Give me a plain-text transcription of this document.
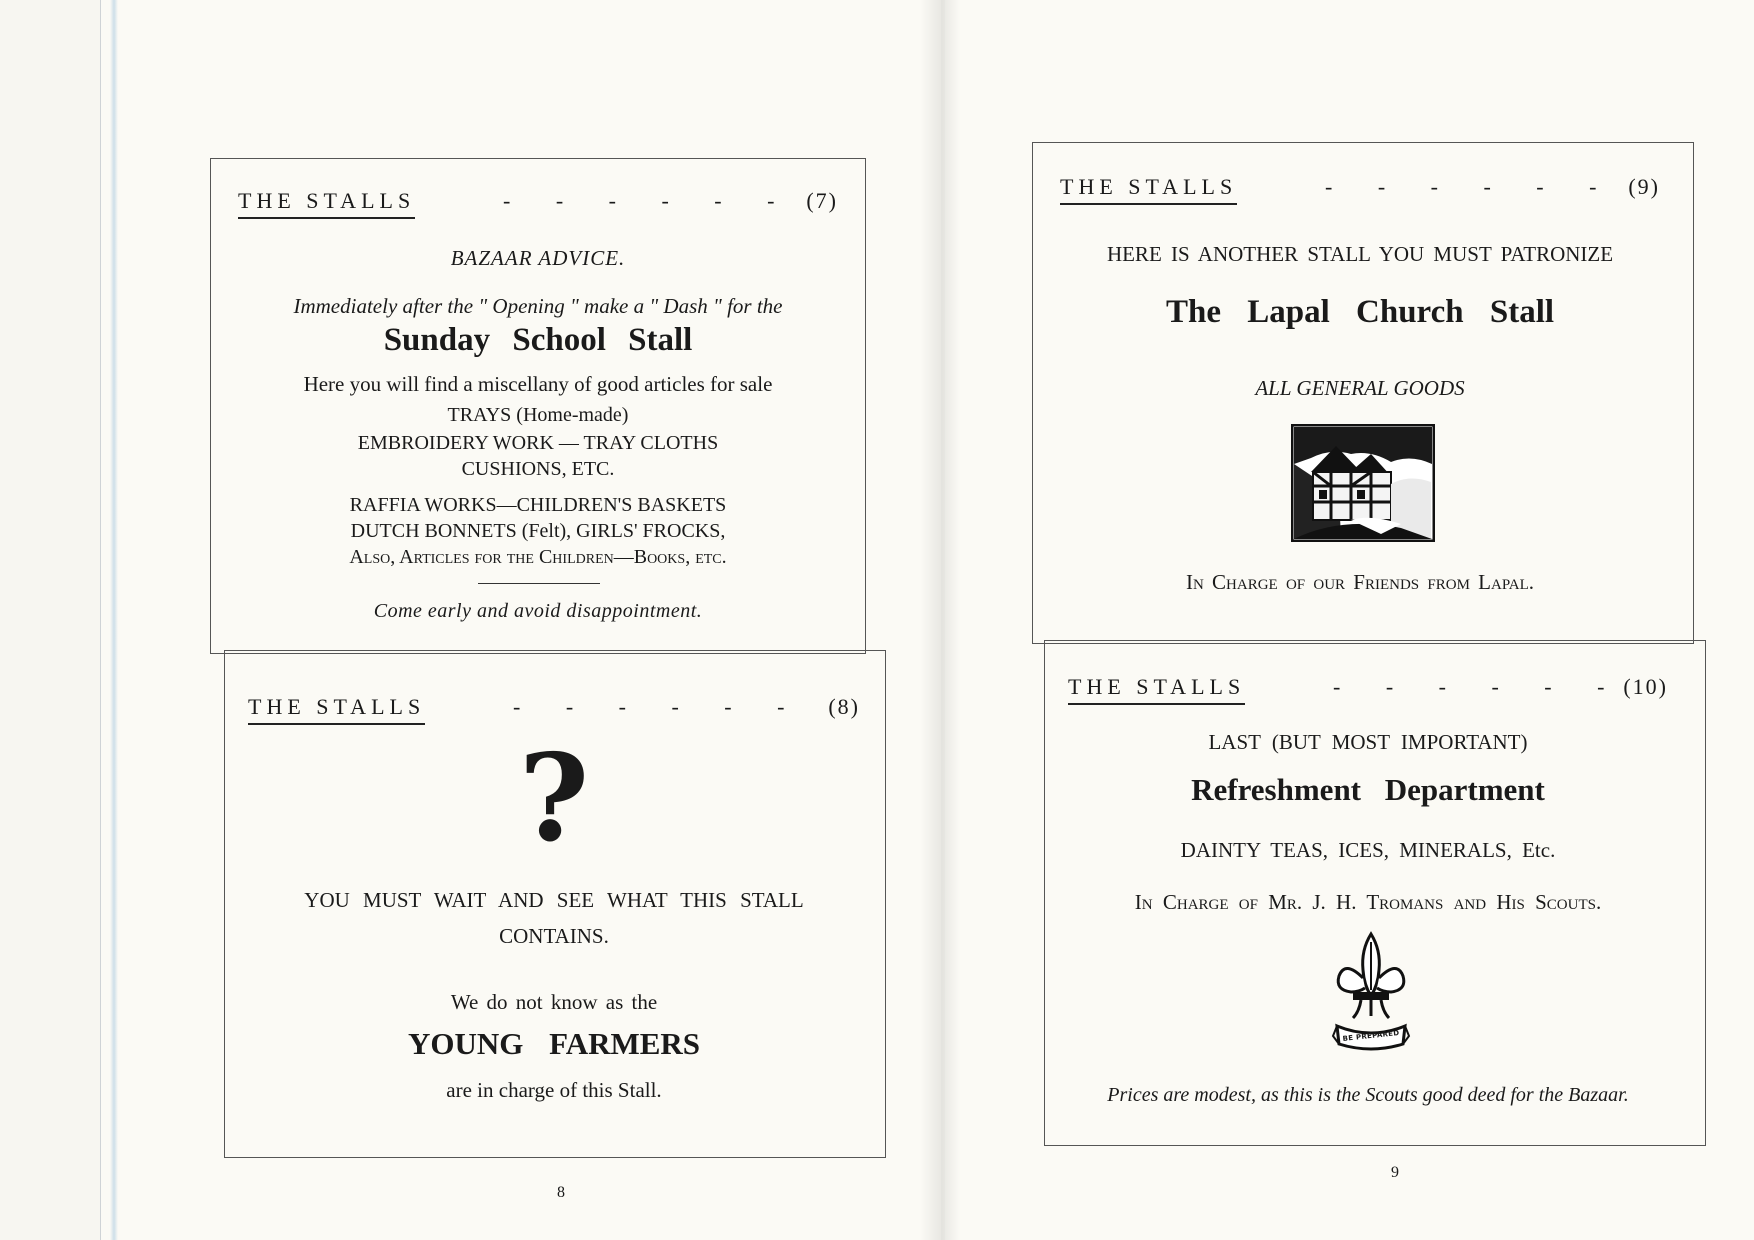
THE STALLS	- - - - - - (7)
BAZAAR ADVICE.
Immediately after the " Opening " make a " Dash " for the
Sunday School Stall
Here you will find a miscellany of good articles for sale
TRAYS (Home-made)
EMBROIDERY WORK — TRAY CLOTHS
CUSHIONS, ETC.
RAFFIA WORKS—CHILDREN'S BASKETS
DUTCH BONNETS (Felt), GIRLS' FROCKS,
Also, Articles for the Children—Books, etc.
Come early and avoid disappointment.
THE STALLS	- - - - - - (8)
?
YOU MUST WAIT AND SEE WHAT THIS STALL
CONTAINS.
We do not know as the
YOUNG FARMERS
are in charge of this Stall.
8
THE STALLS	- - - - - - (9)
HERE IS ANOTHER STALL YOU MUST PATRONIZE
The Lapal Church Stall
ALL GENERAL GOODS
In Charge of our Friends from Lapal.
THE STALLS	- - - - - -
(10)
LAST (BUT MOST IMPORTANT)
Refreshment Department
DAINTY TEAS, ICES, MINERALS, Etc.
In Charge of Mr. J. H. Tromans and His Scouts.
BE PREPARED
Prices are modest, as this is the Scouts good deed for the Bazaar.
9
